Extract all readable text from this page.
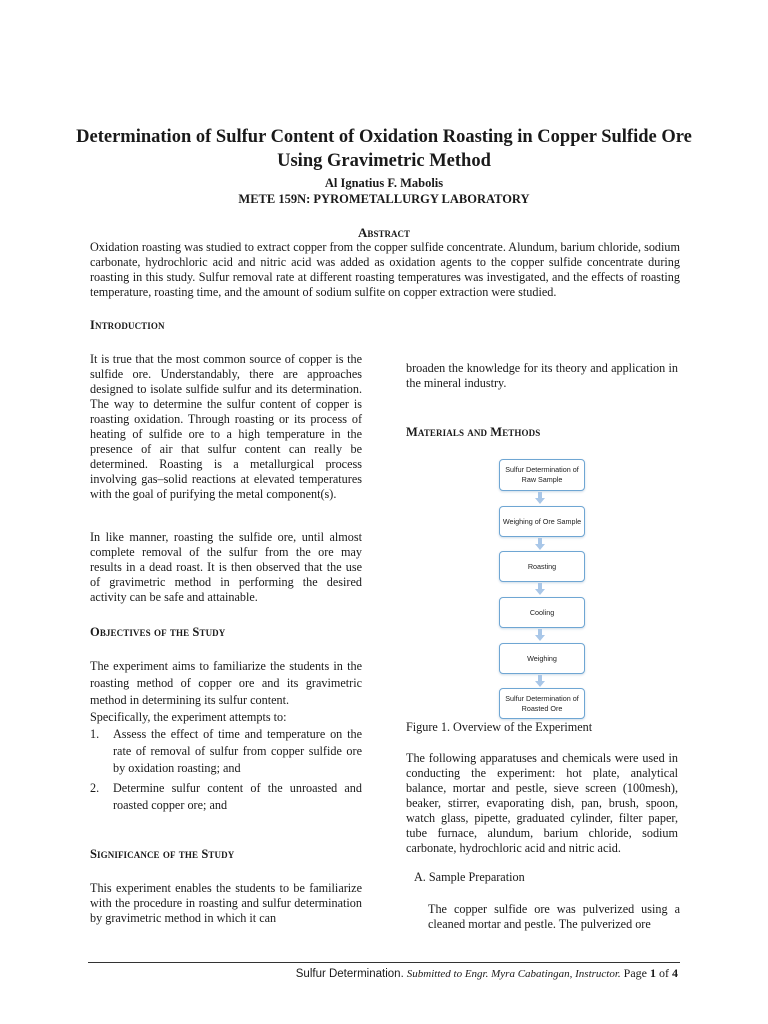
Determination of Sulfur Content of Oxidation Roasting in Copper Sulfide Ore Using Gravimetric Method

Al Ignatius F. Mabolis

METE 159N: PYROMETALLURGY LABORATORY

Abstract

Oxidation roasting was studied to extract copper from the copper sulfide concentrate. Alundum, barium chloride, sodium carbonate, hydrochloric acid and nitric acid was added as oxidation agents to the copper sulfide concentrate during roasting in this study. Sulfur removal rate at different roasting temperatures was investigated, and the effects of roasting temperature, roasting time, and the amount of sodium sulfite on copper extraction were studied.

Introduction

It is true that the most common source of copper is the sulfide ore. Understandably, there are approaches designed to isolate sulfide sulfur and its determination. The way to determine the sulfur content of copper is roasting oxidation. Through roasting or its process of heating of sulfide ore to a high temperature in the presence of air that sulfur content can really be determined. Roasting is a metallurgical process involving gas–solid reactions at elevated temperatures with the goal of purifying the metal component(s).

In like manner, roasting the sulfide ore, until almost complete removal of the sulfur from the ore may results in a dead roast. It is then observed that the use of gravimetric method in performing the desired activity can be safe and attainable.

Objectives of the Study

The experiment aims to familiarize the students in the roasting method of copper ore and its gravimetric method in determining its sulfur content.

Specifically, the experiment attempts to:

1.	Assess the effect of time and temperature on the rate of removal of sulfur from copper sulfide ore by oxidation roasting; and
2.	Determine sulfur content of the unroasted and roasted copper ore; and
Significance of the Study

This experiment enables the students to be familiarize with the procedure in roasting and sulfur determination by gravimetric method in which it can

broaden the knowledge for its theory and application in the mineral industry.

Materials and Methods
Sulfur Determination of Raw Sample
Weighing of Ore Sample
Roasting
Cooling
Weighing
Sulfur Determination of Roasted Ore

Figure 1. Overview of the Experiment

The following apparatuses and chemicals were used in conducting the experiment: hot plate, analytical balance, mortar and pestle, sieve screen (100mesh), beaker, stirrer, evaporating dish, pan, brush, spoon, watch glass, pipette, graduated cylinder, filter paper, tube furnace, alundum, barium chloride, sodium carbonate, hydrochloric acid and nitric acid.

A. Sample Preparation

The copper sulfide ore was pulverized using a cleaned mortar and pestle. The pulverized ore

Sulfur Determination. Submitted to Engr. Myra Cabatingan, Instructor. Page 1 of 4
